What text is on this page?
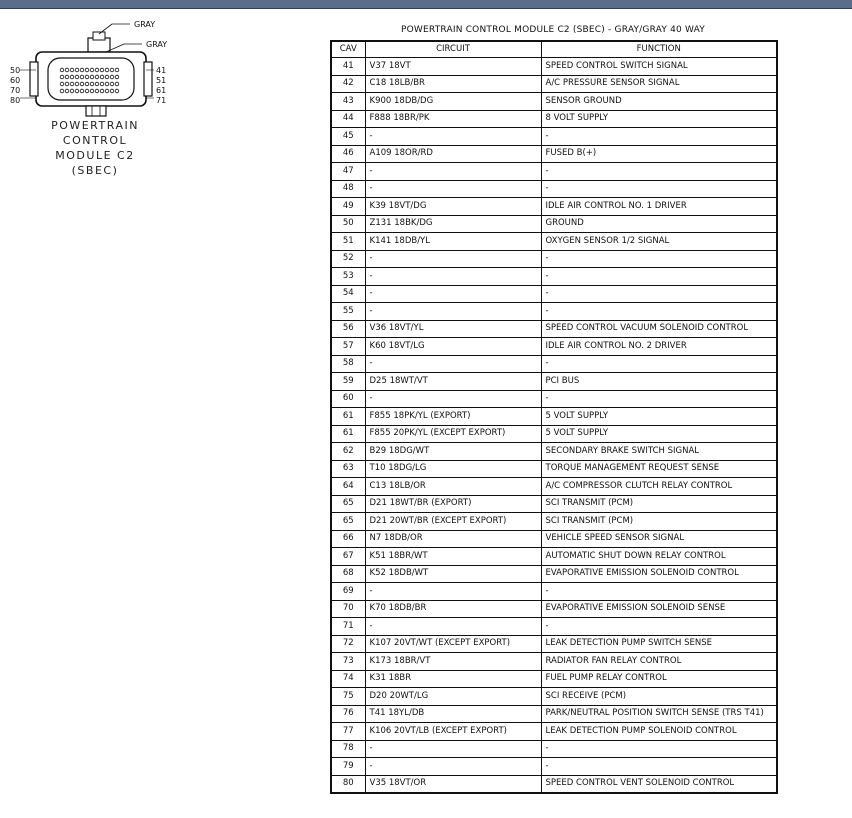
GRAY
GRAY
50
60
70
80
41
51
61
71
POWERTRAIN
CONTROL
MODULE C2
(SBEC)
POWERTRAIN CONTROL MODULE C2 (SBEC) - GRAY/GRAY 40 WAY
CAV	CIRCUIT	FUNCTION
41	V37 18VT	SPEED CONTROL SWITCH SIGNAL
42	C18 18LB/BR	A/C PRESSURE SENSOR SIGNAL
43	K900 18DB/DG	SENSOR GROUND
44	F888 18BR/PK	8 VOLT SUPPLY
45	-	-
46	A109 18OR/RD	FUSED B(+)
47	-	-
48	-	-
49	K39 18VT/DG	IDLE AIR CONTROL NO. 1 DRIVER
50	Z131 18BK/DG	GROUND
51	K141 18DB/YL	OXYGEN SENSOR 1/2 SIGNAL
52	-	-
53	-	-
54	-	-
55	-	-
56	V36 18VT/YL	SPEED CONTROL VACUUM SOLENOID CONTROL
57	K60 18VT/LG	IDLE AIR CONTROL NO. 2 DRIVER
58	-	-
59	D25 18WT/VT	PCI BUS
60	-	-
61	F855 18PK/YL (EXPORT)	5 VOLT SUPPLY
61	F855 20PK/YL (EXCEPT EXPORT)	5 VOLT SUPPLY
62	B29 18DG/WT	SECONDARY BRAKE SWITCH SIGNAL
63	T10 18DG/LG	TORQUE MANAGEMENT REQUEST SENSE
64	C13 18LB/OR	A/C COMPRESSOR CLUTCH RELAY CONTROL
65	D21 18WT/BR (EXPORT)	SCI TRANSMIT (PCM)
65	D21 20WT/BR (EXCEPT EXPORT)	SCI TRANSMIT (PCM)
66	N7 18DB/OR	VEHICLE SPEED SENSOR SIGNAL
67	K51 18BR/WT	AUTOMATIC SHUT DOWN RELAY CONTROL
68	K52 18DB/WT	EVAPORATIVE EMISSION SOLENOID CONTROL
69	-	-
70	K70 18DB/BR	EVAPORATIVE EMISSION SOLENOID SENSE
71	-	-
72	K107 20VT/WT (EXCEPT EXPORT)	LEAK DETECTION PUMP SWITCH SENSE
73	K173 18BR/VT	RADIATOR FAN RELAY CONTROL
74	K31 18BR	FUEL PUMP RELAY CONTROL
75	D20 20WT/LG	SCI RECEIVE (PCM)
76	T41 18YL/DB	PARK/NEUTRAL POSITION SWITCH SENSE (TRS T41)
77	K106 20VT/LB (EXCEPT EXPORT)	LEAK DETECTION PUMP SOLENOID CONTROL
78	-	-
79	-	-
80	V35 18VT/OR	SPEED CONTROL VENT SOLENOID CONTROL
